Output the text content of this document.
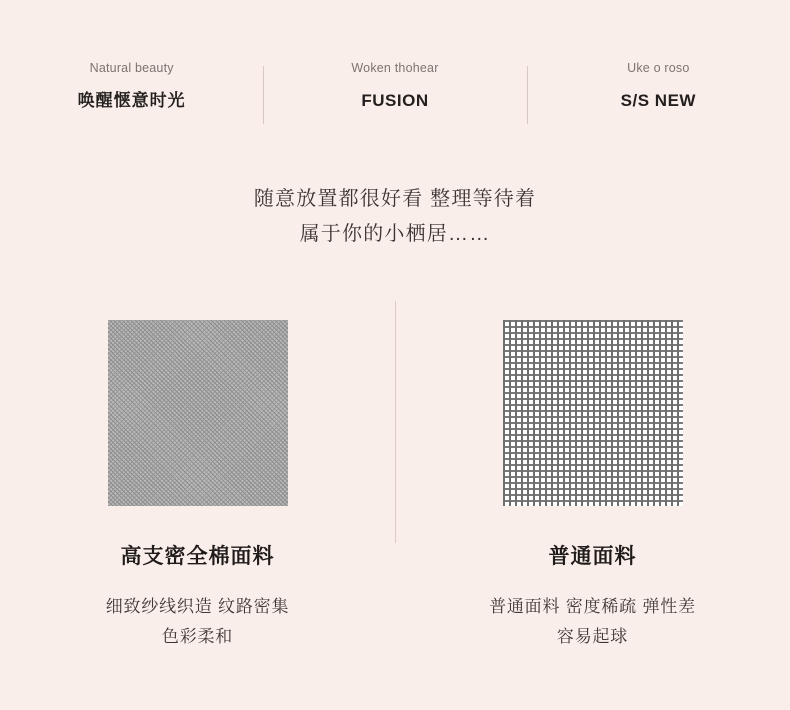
Natural beauty
唤醒惬意时光
Woken thohear
FUSION
Uke o roso
S/S NEW
随意放置都很好看 整理等待着
属于你的小栖居……
高支密全棉面料
细致纱线织造 纹路密集
色彩柔和
普通面料
普通面料 密度稀疏 弹性差
容易起球
